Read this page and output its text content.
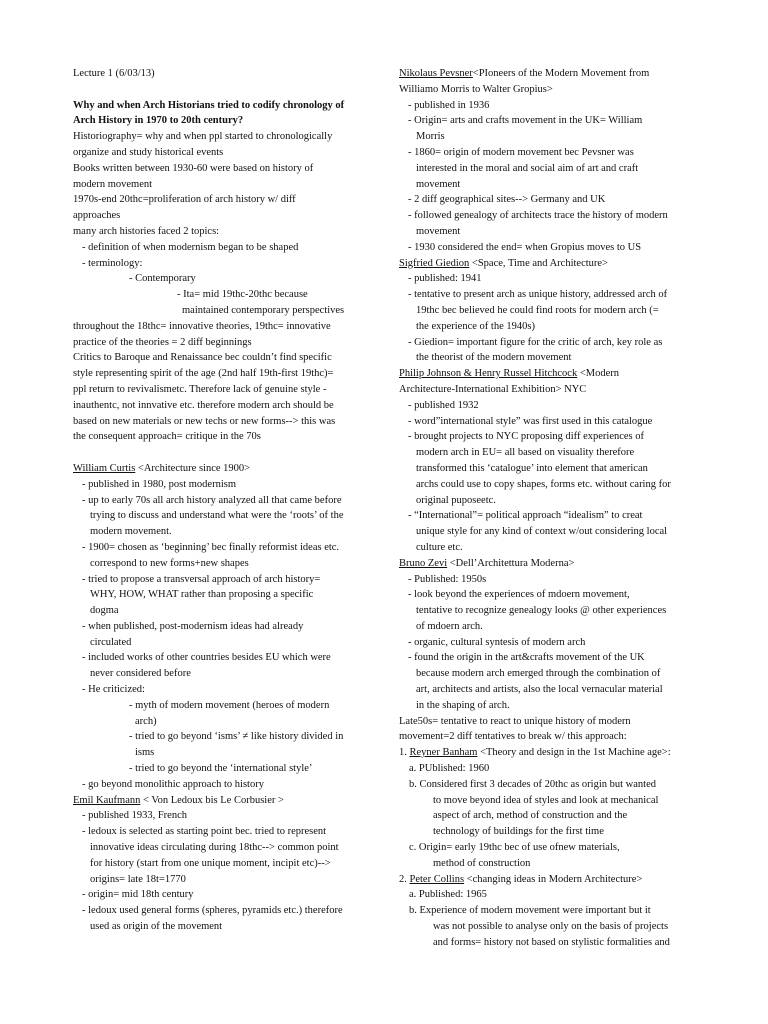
Lecture 1 (6/03/13)
Why and when Arch Historians tried to codify chronology of
Arch History in 1970 to 20th century?
Historiography= why and when ppl started to chronologically
organize and study historical events
Books written between 1930-60 were based on history of
modern movement
1970s-end 20thc=proliferation of arch history w/ diff
approaches
many arch histories faced 2 topics:
- definition of when modernism began to be shaped
- terminology:
- Contemporary
- Ita= mid 19thc-20thc because
maintained contemporary perspectives
throughout the 18thc= innovative theories, 19thc= innovative
practice of the theories = 2 diff beginnings
Critics to Baroque and Renaissance bec couldn’t find specific
style representing spirit of the age (2nd half 19th-first 19thc)=
ppl return to revivalismetc. Therefore lack of genuine style -
inauthentc, not innvative etc. therefore modern arch should be
based on new materials or new techs or new forms--> this was
the consequent approach= critique in the 70s
William Curtis <Architecture since 1900>
- published in 1980, post modernism
- up to early 70s all arch history analyzed all that came before
trying to discuss and understand what were the ‘roots’ of the
modern movement.
- 1900= chosen as ‘beginning’ bec finally reformist ideas etc.
correspond to new forms+new shapes
- tried to propose a transversal approach of arch history=
WHY, HOW, WHAT rather than proposing a specific
dogma
- when published, post-modernism ideas had already
circulated
- included works of other countries besides EU which were
never considered before
- He criticized:
- myth of modern movement (heroes of modern
arch)
- tried to go beyond ‘isms’ ≠ like history divided in
isms
- tried to go beyond the ‘international style’
- go beyond monolithic approach to history
Emil Kaufmann < Von Ledoux bis Le Corbusier >
- published 1933, French
- ledoux is selected as starting point bec. tried to represent
innovative ideas circulating during 18thc--> common point
for history (start from one unique moment, incipit etc)-->
origins= late 18t=1770
- origin= mid 18th century
- ledoux used general forms (spheres, pyramids etc.) therefore
used as origin of the movement
Nikolaus Pevsner<PIoneers of the Modern Movement from
Williamo Morris to Walter Gropius>
- published in 1936
- Origin= arts and crafts movement in the UK= William
Morris
- 1860= origin of modern movement bec Pevsner was
interested in the moral and social aim of art and craft
movement
- 2 diff geographical sites--> Germany and UK
- followed genealogy of architects trace the history of modern
movement
- 1930 considered the end= when Gropius moves to US
Sigfried Giedion <Space, Time and Architecture>
- published: 1941
- tentative to present arch as unique history, addressed arch of
19thc bec believed he could find roots for modern arch (=
the experience of the 1940s)
- Giedion= important figure for the critic of arch, key role as
the theorist of the modern movement
Philip Johnson & Henry Russel Hitchcock <Modern
Architecture-International Exhibition> NYC
- published 1932
- word”international style” was first used in this catalogue
- brought projects to NYC proposing diff experiences of
modern arch in EU= all based on visuality therefore
transformed this ‘catalogue’ into element that american
archs could use to copy shapes, forms etc. without caring for
original puposeetc.
- “International”= political approach “idealism” to creat
unique style for any kind of context w/out considering local
culture etc.
Bruno Zevi <Dell’Architettura Moderna>
- Published: 1950s
- look beyond the experiences of mdoern movement,
tentative to recognize genealogy looks @ other experiences
of mdoern arch.
- organic, cultural syntesis of modern arch
- found the origin in the art&crafts movement of the UK
because modern arch emerged through the combination of
art, architects and artists, also the local vernacular material
in the shaping of arch.
Late50s= tentative to react to unique history of modern
movement=2 diff tentatives to break w/ this approach:
1. Reyner Banham <Theory and design in the 1st Machine age>:
a. PUblished: 1960
b. Considered first 3 decades of 20thc as origin but wanted
to move beyond idea of styles and look at mechanical
aspect of arch, method of construction and the
technology of buildings for the first time
c. Origin= early 19thc bec of use ofnew materials,
method of construction
2. Peter Collins <changing ideas in Modern Architecture>
a. Published: 1965
b. Experience of modern movement were important but it
was not possible to analyse only on the basis of projects
and forms= history not based on stylistic formalities and
